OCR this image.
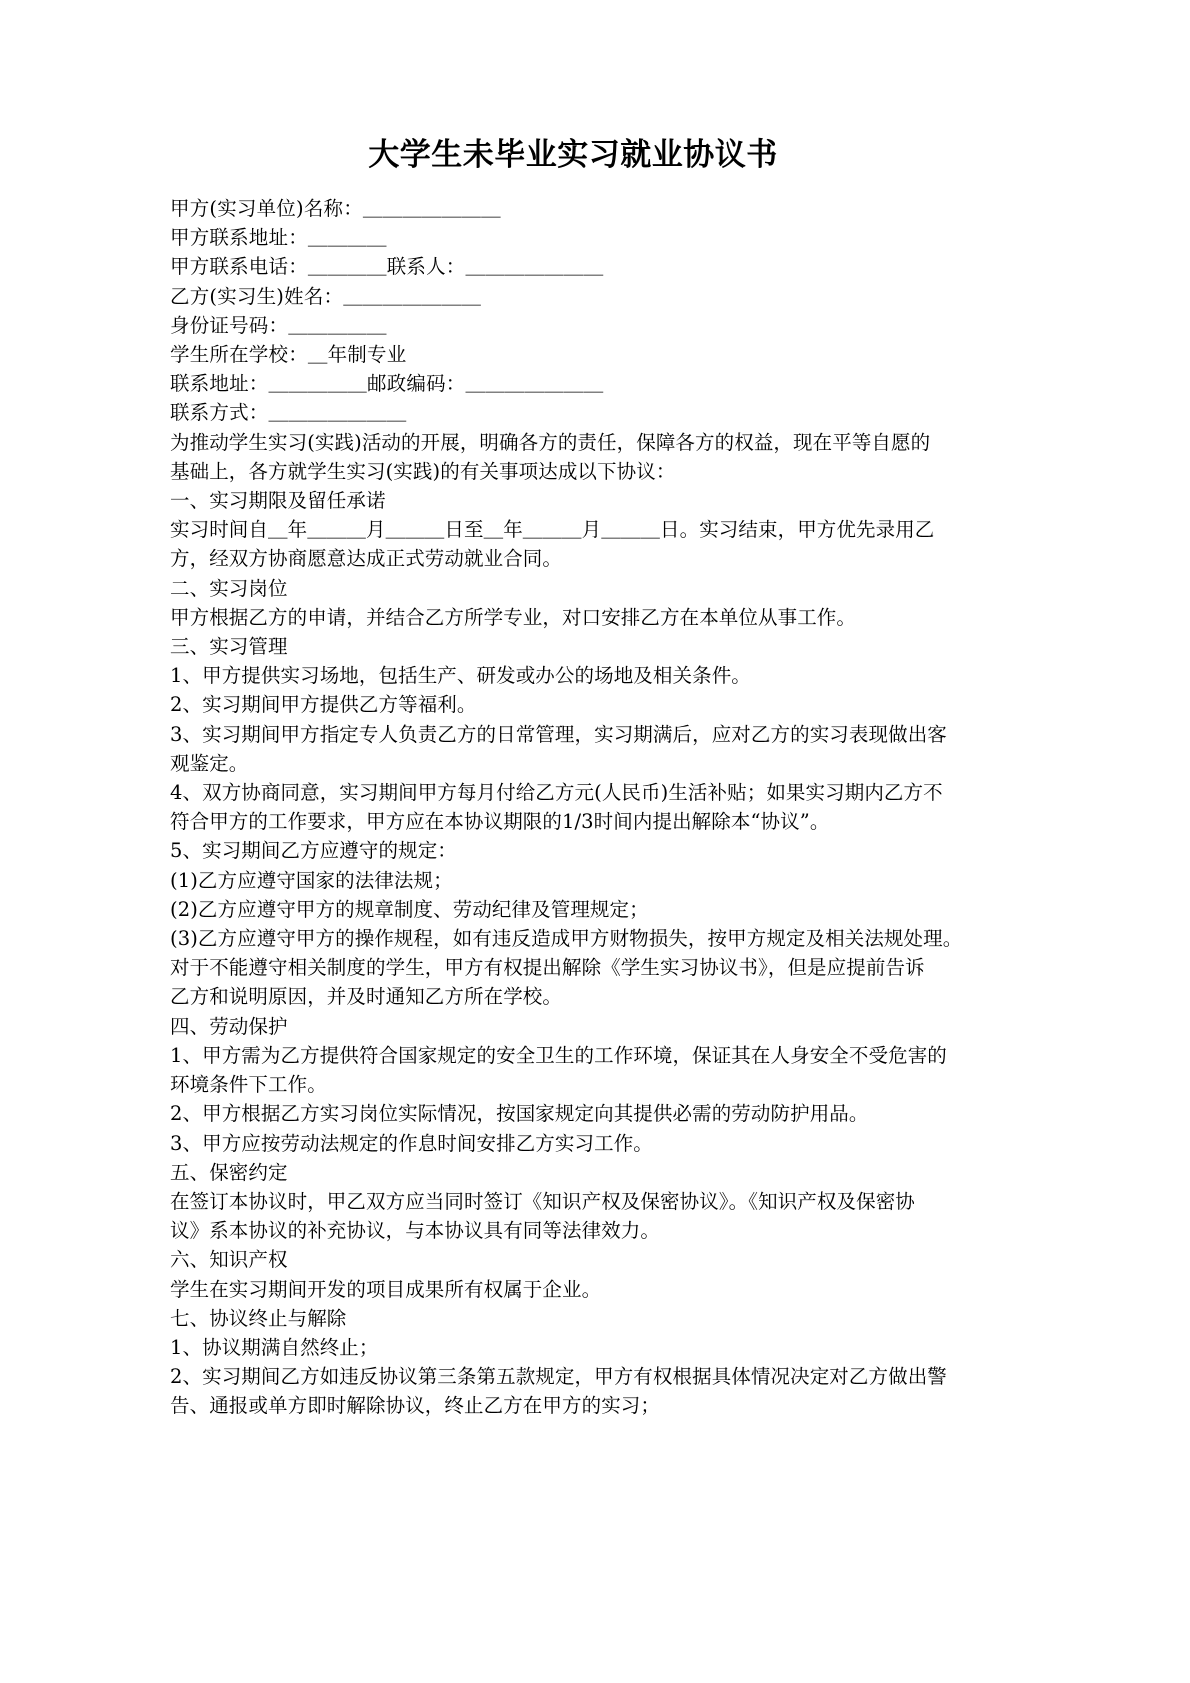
大学生未毕业实习就业协议书

甲方(实习单位)名称：＿＿＿＿＿＿＿

甲方联系地址：＿＿＿＿

甲方联系电话：＿＿＿＿联系人：＿＿＿＿＿＿＿

乙方(实习生)姓名：＿＿＿＿＿＿＿

身份证号码：＿＿＿＿＿

学生所在学校：＿年制专业

联系地址：＿＿＿＿＿邮政编码：＿＿＿＿＿＿＿

联系方式：＿＿＿＿＿＿＿

为推动学生实习(实践)活动的开展，明确各方的责任，保障各方的权益，现在平等自愿的

基础上，各方就学生实习(实践)的有关事项达成以下协议：

一、实习期限及留任承诺

实习时间自＿年＿＿＿月＿＿＿日至＿年＿＿＿月＿＿＿日。实习结束，甲方优先录用乙

方，经双方协商愿意达成正式劳动就业合同。

二、实习岗位

甲方根据乙方的申请，并结合乙方所学专业，对口安排乙方在本单位从事工作。

三、实习管理

1、甲方提供实习场地，包括生产、研发或办公的场地及相关条件。

2、实习期间甲方提供乙方等福利。

3、实习期间甲方指定专人负责乙方的日常管理，实习期满后，应对乙方的实习表现做出客

观鉴定。

4、双方协商同意，实习期间甲方每月付给乙方元(人民币)生活补贴；如果实习期内乙方不

符合甲方的工作要求，甲方应在本协议期限的1/3时间内提出解除本“协议”。

5、实习期间乙方应遵守的规定：

(1)乙方应遵守国家的法律法规；

(2)乙方应遵守甲方的规章制度、劳动纪律及管理规定；

(3)乙方应遵守甲方的操作规程，如有违反造成甲方财物损失，按甲方规定及相关法规处理。

对于不能遵守相关制度的学生，甲方有权提出解除《学生实习协议书》，但是应提前告诉

乙方和说明原因，并及时通知乙方所在学校。

四、劳动保护

1、甲方需为乙方提供符合国家规定的安全卫生的工作环境，保证其在人身安全不受危害的

环境条件下工作。

2、甲方根据乙方实习岗位实际情况，按国家规定向其提供必需的劳动防护用品。

3、甲方应按劳动法规定的作息时间安排乙方实习工作。

五、保密约定

在签订本协议时，甲乙双方应当同时签订《知识产权及保密协议》。《知识产权及保密协

议》系本协议的补充协议，与本协议具有同等法律效力。

六、知识产权

学生在实习期间开发的项目成果所有权属于企业。

七、协议终止与解除

1、协议期满自然终止；

2、实习期间乙方如违反协议第三条第五款规定，甲方有权根据具体情况决定对乙方做出警

告、通报或单方即时解除协议，终止乙方在甲方的实习；
